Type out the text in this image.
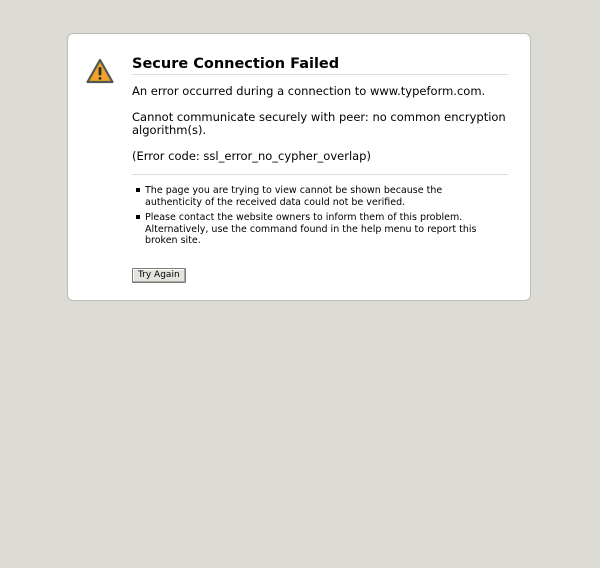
Secure Connection Failed

An error occurred during a connection to www.typeform.com.

Cannot communicate securely with peer: no common encryption algorithm(s).

(Error code: ssl_error_no_cypher_overlap)

The page you are trying to view cannot be shown because the authenticity of the received data could not be verified.
Please contact the website owners to inform them of this problem. Alternatively, use the command found in the help menu to report this broken site.
Try Again
